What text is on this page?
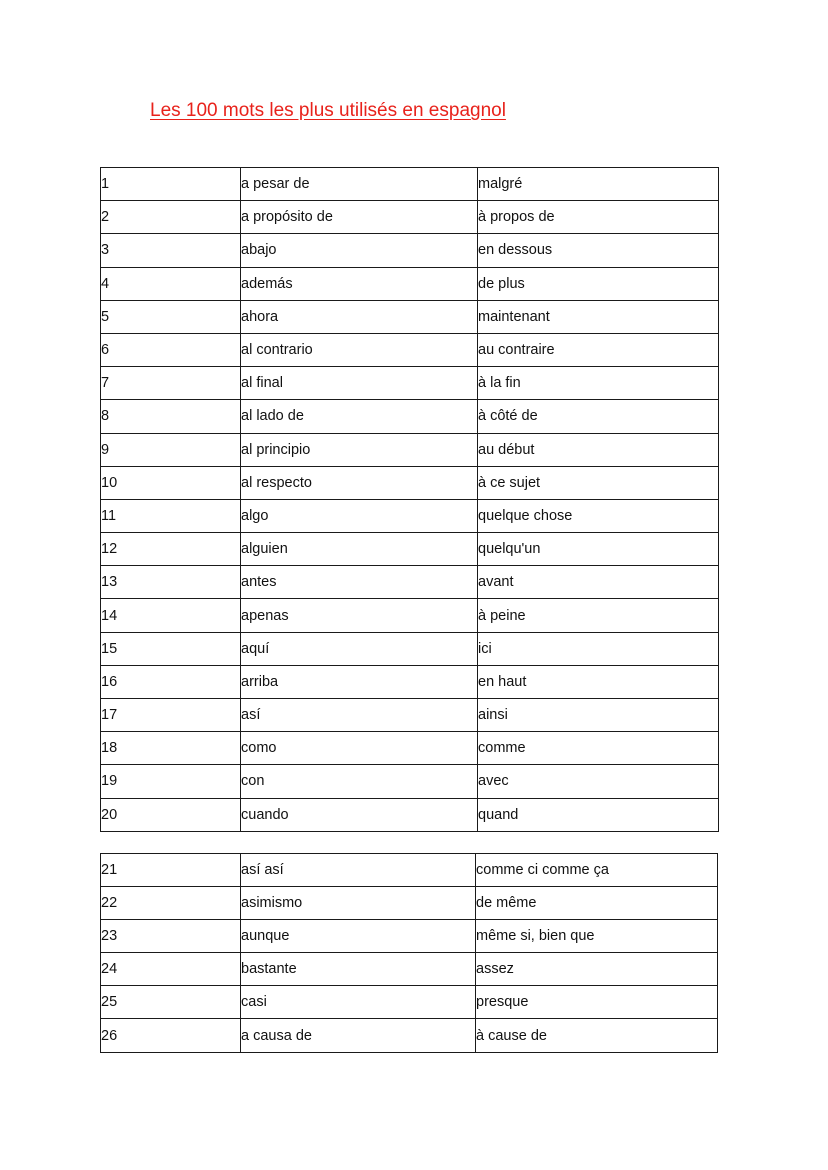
Les 100 mots les plus utilisés en espagnol
1	a pesar de	malgré
2	a propósito de	à propos de
3	abajo	en dessous
4	además	de plus
5	ahora	maintenant
6	al contrario	au contraire
7	al final	à la fin
8	al lado de	à côté de
9	al principio	au début
10	al respecto	à ce sujet
11	algo	quelque chose
12	alguien	quelqu'un
13	antes	avant
14	apenas	à peine
15	aquí	ici
16	arriba	en haut
17	así	ainsi
18	como	comme
19	con	avec
20	cuando	quand
21	así así	comme ci comme ça
22	asimismo	de même
23	aunque	même si, bien que
24	bastante	assez
25	casi	presque
26	a causa de	à cause de
